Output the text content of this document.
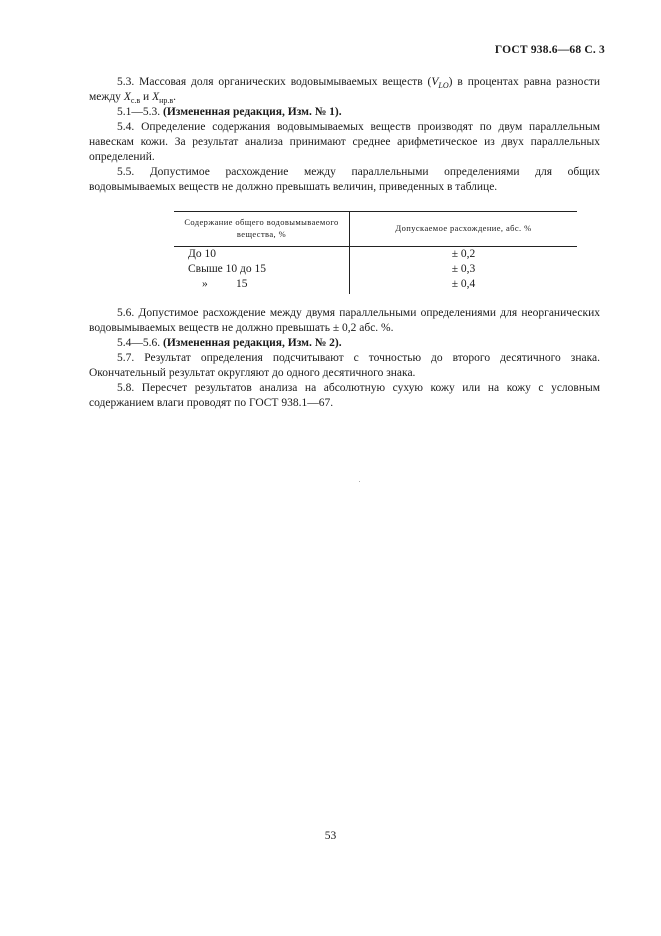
ГОСТ 938.6—68 С. 3

5.3. Массовая доля органических водовымываемых веществ $(V_{LO})$ в процентах равна разности между $X_{с.в}$ и $X_{нр.в}$.

5.1—5.3. (Измененная редакция, Изм. № 1).

5.4. Определение содержания водовымываемых веществ производят по двум параллельным навескам кожи. За результат анализа принимают среднее арифметическое из двух параллельных определений.

5.5. Допустимое расхождение между параллельными определениями для общих водовымываемых веществ не должно превышать величин, приведенных в таблице.

Содержание общего водовымываемого вещества, %	Допускаемое расхождение, абс. %
До 10	± 0,2
Свыше 10 до 15	± 0,3
» 15	± 0,4

5.6. Допустимое расхождение между двумя параллельными определениями для неорганических водовымываемых веществ не должно превышать ± 0,2 абс. %.

5.4—5.6. (Измененная редакция, Изм. № 2).

5.7. Результат определения подсчитывают с точностью до второго десятичного знака. Окончательный результат округляют до одного десятичного знака.

5.8. Пересчет результатов анализа на абсолютную сухую кожу или на кожу с условным содержанием влаги проводят по ГОСТ 938.1—67.

53
